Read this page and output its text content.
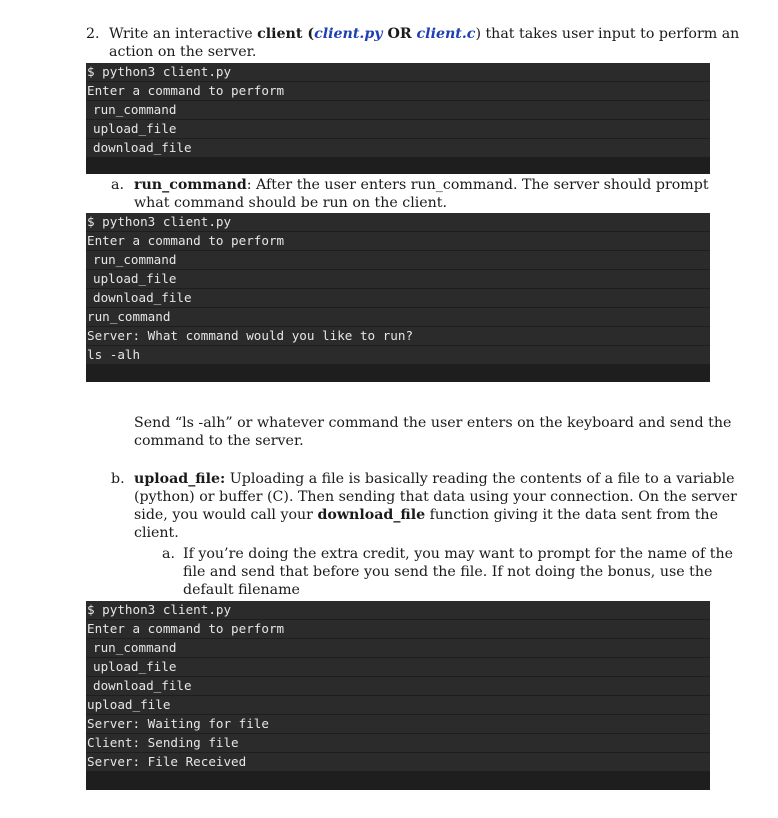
2. Write an interactive client (client.py OR client.c) that takes user input to perform an
action on the server.
$ python3 client.py
Enter a command to perform
run_command
upload_file
download_file
a. run_command: After the user enters run_command. The server should prompt
what command should be run on the client.
$ python3 client.py
Enter a command to perform
run_command
upload_file
download_file
run_command
Server: What command would you like to run?
ls -alh
Send “ls -alh” or whatever command the user enters on the keyboard and send the
command to the server.
b. upload_file: Uploading a file is basically reading the contents of a file to a variable
(python) or buffer (C). Then sending that data using your connection. On the server
side, you would call your download_file function giving it the data sent from the
client.
a. If you’re doing the extra credit, you may want to prompt for the name of the
file and send that before you send the file. If not doing the bonus, use the
default filename
$ python3 client.py
Enter a command to perform
run_command
upload_file
download_file
upload_file
Server: Waiting for file
Client: Sending file
Server: File Received
